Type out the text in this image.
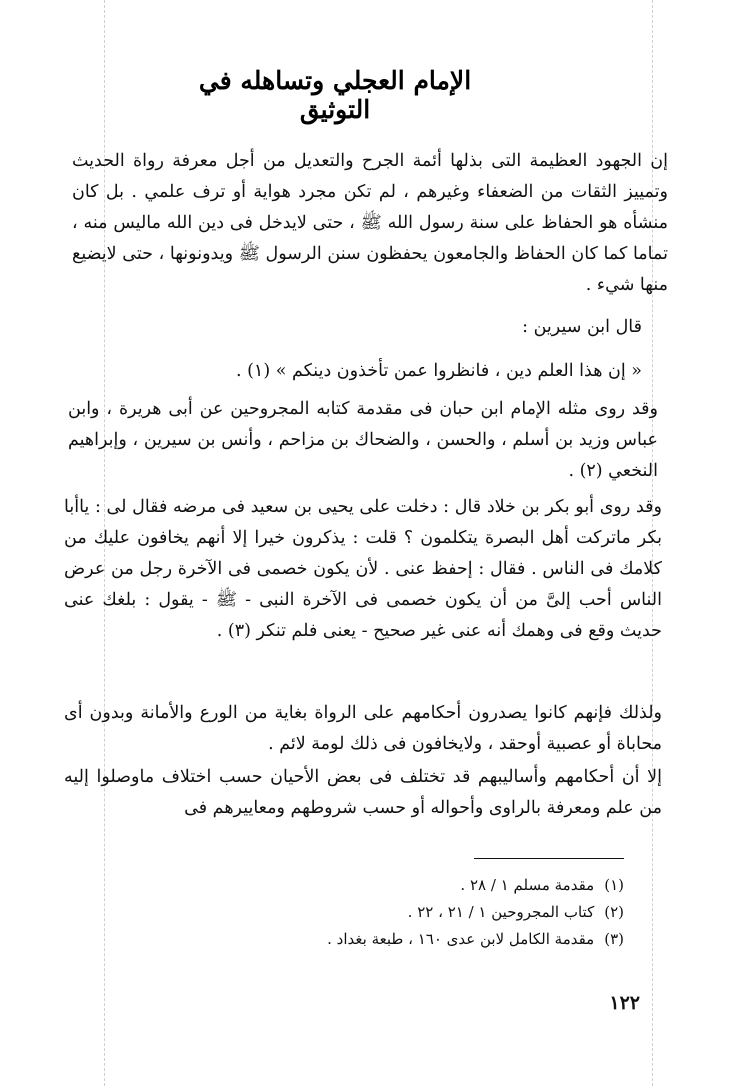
الإمام العجلي وتساهله في التوثيق
إن الجهود العظيمة التى بذلها أئمة الجرح والتعديل من أجل معرفة رواة الحديث وتمييز الثقات من الضعفاء وغيرهم ، لم تكن مجرد هواية أو ترف علمي . بل كان منشأه هو الحفاظ على سنة رسول الله ﷺ ، حتى لايدخل فى دين الله ماليس منه ، تماما كما كان الحفاظ والجامعون يحفظون سنن الرسول ﷺ ويدونونها ، حتى لايضيع منها شيء .
قال ابن سيرين :
« إن هذا العلم دين ، فانظروا عمن تأخذون دينكم » (١) .
وقد روى مثله الإمام ابن حبان فى مقدمة كتابه المجروحين عن أبى هريرة ، وابن عباس وزيد بن أسلم ، والحسن ، والضحاك بن مزاحم ، وأنس بن سيرين ، وإبراهيم النخعي (٢) .
وقد روى أبو بكر بن خلاد قال : دخلت على يحيى بن سعيد فى مرضه فقال لى : ياأبا بكر ماتركت أهل البصرة يتكلمون ؟ قلت : يذكرون خيرا إلا أنهم يخافون عليك من كلامك فى الناس . فقال : إحفظ عنى . لأن يكون خصمى فى الآخرة رجل من عرض الناس أحب إلىَّ من أن يكون خصمى فى الآخرة النبى - ﷺ - يقول : بلغك عنى حديث وقع فى وهمك أنه عنى غير صحيح - يعنى فلم تنكر (٣) .
ولذلك فإنهم كانوا يصدرون أحكامهم على الرواة بغاية من الورع والأمانة وبدون أى محاباة أو عصبية أوحقد ، ولايخافون فى ذلك لومة لائم .
إلا أن أحكامهم وأساليبهم قد تختلف فى بعض الأحيان حسب اختلاف ماوصلوا إليه من علم ومعرفة بالراوى وأحواله أو حسب شروطهم ومعاييرهم فى
(١)مقدمة مسلم ١ / ٢٨ .
(٢)كتاب المجروحين ١ / ٢١ ، ٢٢ .
(٣)مقدمة الكامل لابن عدى ١٦٠ ، طبعة بغداد .
١٢٢
